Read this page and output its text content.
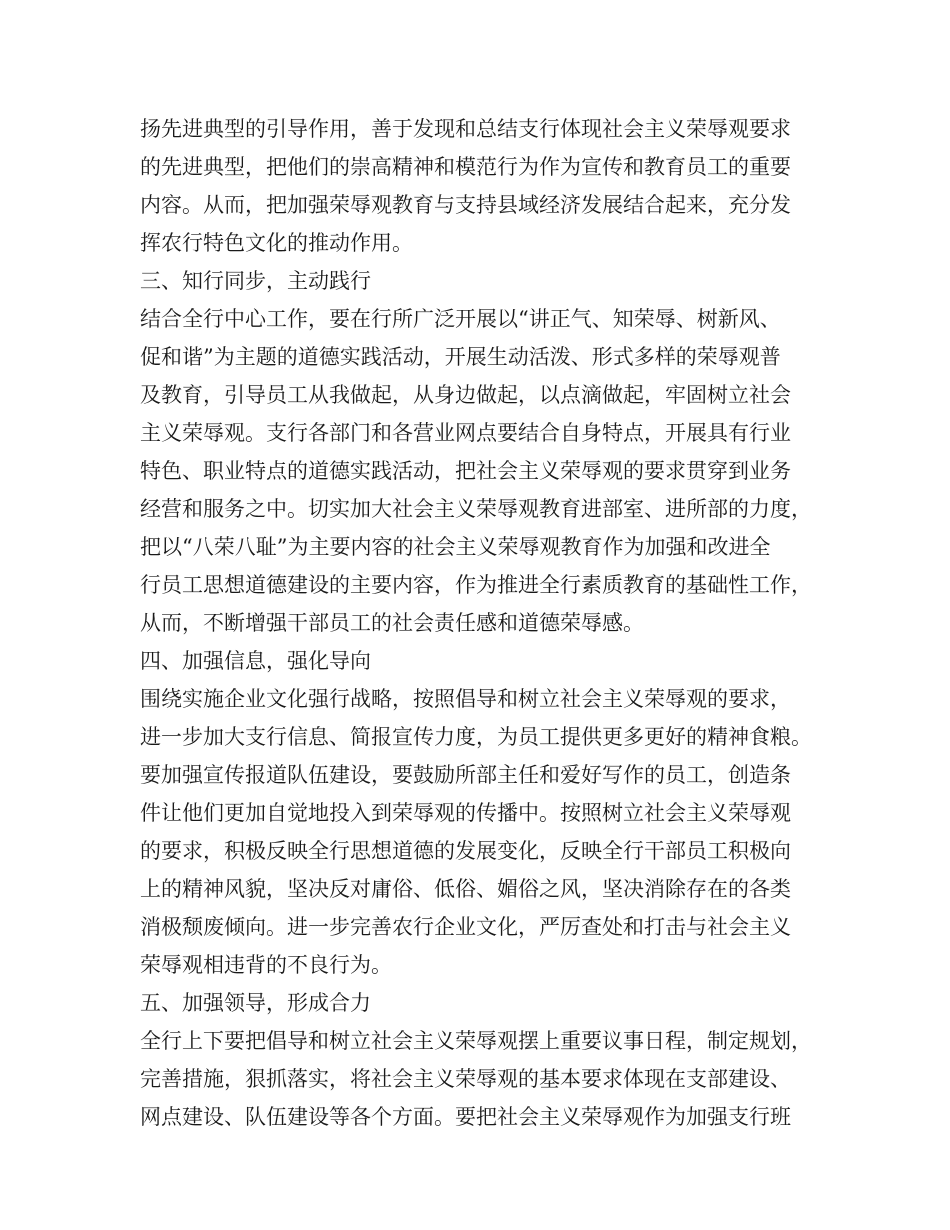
扬先进典型的引导作用，善于发现和总结支行体现社会主义荣辱观要求
的先进典型，把他们的崇高精神和模范行为作为宣传和教育员工的重要
内容。从而，把加强荣辱观教育与支持县域经济发展结合起来，充分发
挥农行特色文化的推动作用。
三、知行同步，主动践行
结合全行中心工作，要在行所广泛开展以“讲正气、知荣辱、树新风、
促和谐”为主题的道德实践活动，开展生动活泼、形式多样的荣辱观普
及教育，引导员工从我做起，从身边做起，以点滴做起，牢固树立社会
主义荣辱观。支行各部门和各营业网点要结合自身特点，开展具有行业
特色、职业特点的道德实践活动，把社会主义荣辱观的要求贯穿到业务
经营和服务之中。切实加大社会主义荣辱观教育进部室、进所部的力度，
把以“八荣八耻”为主要内容的社会主义荣辱观教育作为加强和改进全
行员工思想道德建设的主要内容，作为推进全行素质教育的基础性工作，
从而，不断增强干部员工的社会责任感和道德荣辱感。
四、加强信息，强化导向
围绕实施企业文化强行战略，按照倡导和树立社会主义荣辱观的要求，
进一步加大支行信息、简报宣传力度，为员工提供更多更好的精神食粮。
要加强宣传报道队伍建设，要鼓励所部主任和爱好写作的员工，创造条
件让他们更加自觉地投入到荣辱观的传播中。按照树立社会主义荣辱观
的要求，积极反映全行思想道德的发展变化，反映全行干部员工积极向
上的精神风貌，坚决反对庸俗、低俗、媚俗之风，坚决消除存在的各类
消极颓废倾向。进一步完善农行企业文化，严厉查处和打击与社会主义
荣辱观相违背的不良行为。
五、加强领导，形成合力
全行上下要把倡导和树立社会主义荣辱观摆上重要议事日程，制定规划，
完善措施，狠抓落实，将社会主义荣辱观的基本要求体现在支部建设、
网点建设、队伍建设等各个方面。要把社会主义荣辱观作为加强支行班
